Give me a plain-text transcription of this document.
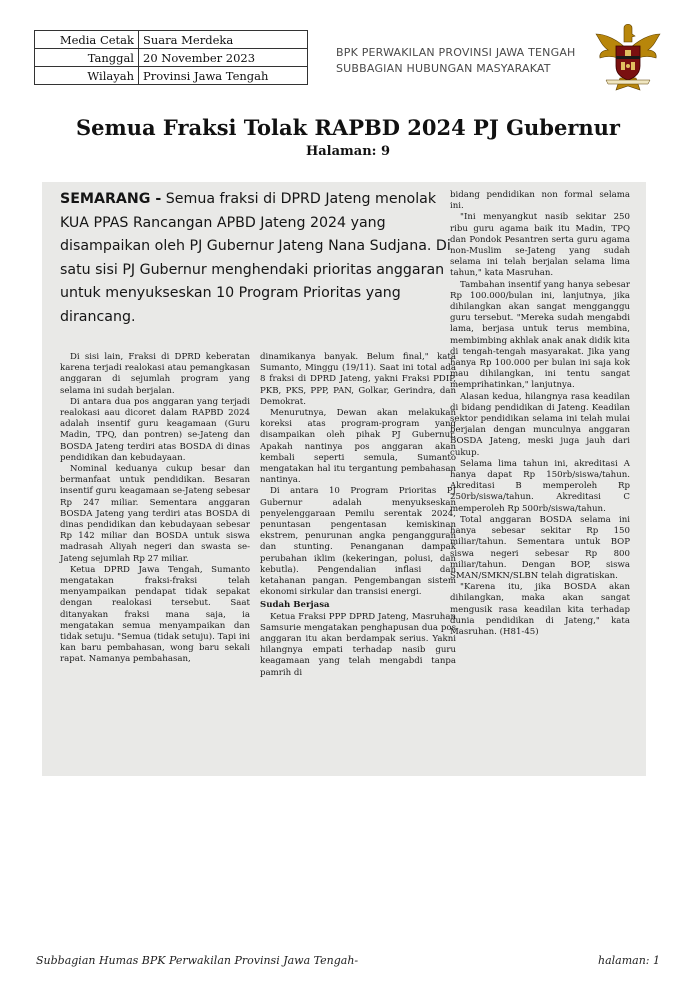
Media Cetak	Suara Merdeka
Tanggal	20 November 2023
Wilayah	Provinsi Jawa Tengah
BPK PERWAKILAN PROVINSI JAWA TENGAH
SUBBAGIAN HUBUNGAN MASYARAKAT
Semua Fraksi Tolak RAPBD 2024 PJ Gubernur
Halaman: 9
SEMARANG - Semua fraksi di DPRD Jateng menolak KUA PPAS Rancangan APBD Jateng 2024 yang disampaikan oleh PJ Gubernur Jateng Nana Sudjana. Di satu sisi PJ Gubernur menghendaki prioritas anggaran untuk menyukseskan 10 Program Prioritas yang dirancang.

Di sisi lain, Fraksi di DPRD keberatan karena terjadi realokasi atau pemangkasan anggaran di sejumlah program yang selama ini sudah berjalan.

Di antara dua pos anggaran yang terjadi realokasi aau dicoret dalam RAPBD 2024 adalah insentif guru keagamaan (Guru Madin, TPQ, dan pontren) se-Jateng dan BOSDA Jateng terdiri atas BOSDA di dinas pendidikan dan kebudayaan.

Nominal keduanya cukup besar dan bermanfaat untuk pendidikan. Besaran insentif guru keagamaan se-Jateng sebesar Rp 247 miliar. Sementara anggaran BOSDA Jateng yang terdiri atas BOSDA di dinas pendidikan dan kebudayaan sebesar Rp 142 miliar dan BOSDA untuk siswa madrasah Aliyah negeri dan swasta se-Jateng sejumlah Rp 27 miliar.

Ketua DPRD Jawa Tengah, Sumanto mengatakan fraksi-fraksi telah menyampaikan pendapat tidak sepakat dengan realokasi tersebut. Saat ditanyakan fraksi mana saja, ia mengatakan semua menyampaikan dan tidak setuju. "Semua (tidak setuju). Tapi ini kan baru pembahasan, wong baru sekali rapat. Namanya pembahasan,

dinamikanya banyak. Belum final," kata Sumanto, Minggu (19/11). Saat ini total ada 8 fraksi di DPRD Jateng, yakni Fraksi PDIP, PKB, PKS, PPP, PAN, Golkar, Gerindra, dan Demokrat.

Menurutnya, Dewan akan melakukan koreksi atas program-program yang disampaikan oleh pihak PJ Gubernur. Apakah nantinya pos anggaran akan kembali seperti semula, Sumanto mengatakan hal itu tergantung pembahasan nantinya.

Di antara 10 Program Prioritas PJ Gubernur adalah menyukseskan penyelenggaraan Pemilu serentak 2024, penuntasan pengentasan kemiskinan ekstrem, penurunan angka pengangguran dan stunting. Penanganan dampak perubahan iklim (kekeringan, polusi, dan kebutla). Pengendalian inflasi dan ketahanan pangan. Pengembangan sistem ekonomi sirkular dan transisi energi.

Sudah Berjasa

Ketua Fraksi PPP DPRD Jateng, Masruhan Samsurie mengatakan penghapusan dua pos anggaran itu akan berdampak serius. Yakni hilangnya empati terhadap nasib guru keagamaan yang telah mengabdi tanpa pamrih di

bidang pendidikan non formal selama ini.

"Ini menyangkut nasib sekitar 250 ribu guru agama baik itu Madin, TPQ dan Pondok Pesantren serta guru agama non-Muslim se-Jateng yang sudah selama ini telah berjalan selama lima tahun," kata Masruhan.

Tambahan insentif yang hanya sebesar Rp 100.000/bulan ini, lanjutnya, jika dihilangkan akan sangat mengganggu guru tersebut. "Mereka sudah mengabdi lama, berjasa untuk terus membina, membimbing akhlak anak anak didik kita di tengah-tengah masyarakat. Jika yang hanya Rp 100.000 per bulan ini saja kok mau dihilangkan, ini tentu sangat memprihatinkan," lanjutnya.

Alasan kedua, hilangnya rasa keadilan di bidang pendidikan di Jateng. Keadilan sektor pendidikan selama ini telah mulai berjalan dengan munculnya anggaran BOSDA Jateng, meski juga jauh dari cukup.

Selama lima tahun ini, akreditasi A hanya dapat Rp 150rb/siswa/tahun. Akreditasi B memperoleh Rp 250rb/siswa/tahun. Akreditasi C memperoleh Rp 500rb/siswa/tahun.

Total anggaran BOSDA selama ini hanya sebesar sekitar Rp 150 miliar/tahun. Sementara untuk BOP siswa negeri sebesar Rp 800 miliar/tahun. Dengan BOP, siswa SMAN/SMKN/SLBN telah digratiskan.

"Karena itu, jika BOSDA akan dihilangkan, maka akan sangat mengusik rasa keadilan kita terhadap dunia pendidikan di Jateng," kata Masruhan. (H81-45)

Subbagian Humas BPK Perwakilan Provinsi Jawa Tengah-	halaman: 1
